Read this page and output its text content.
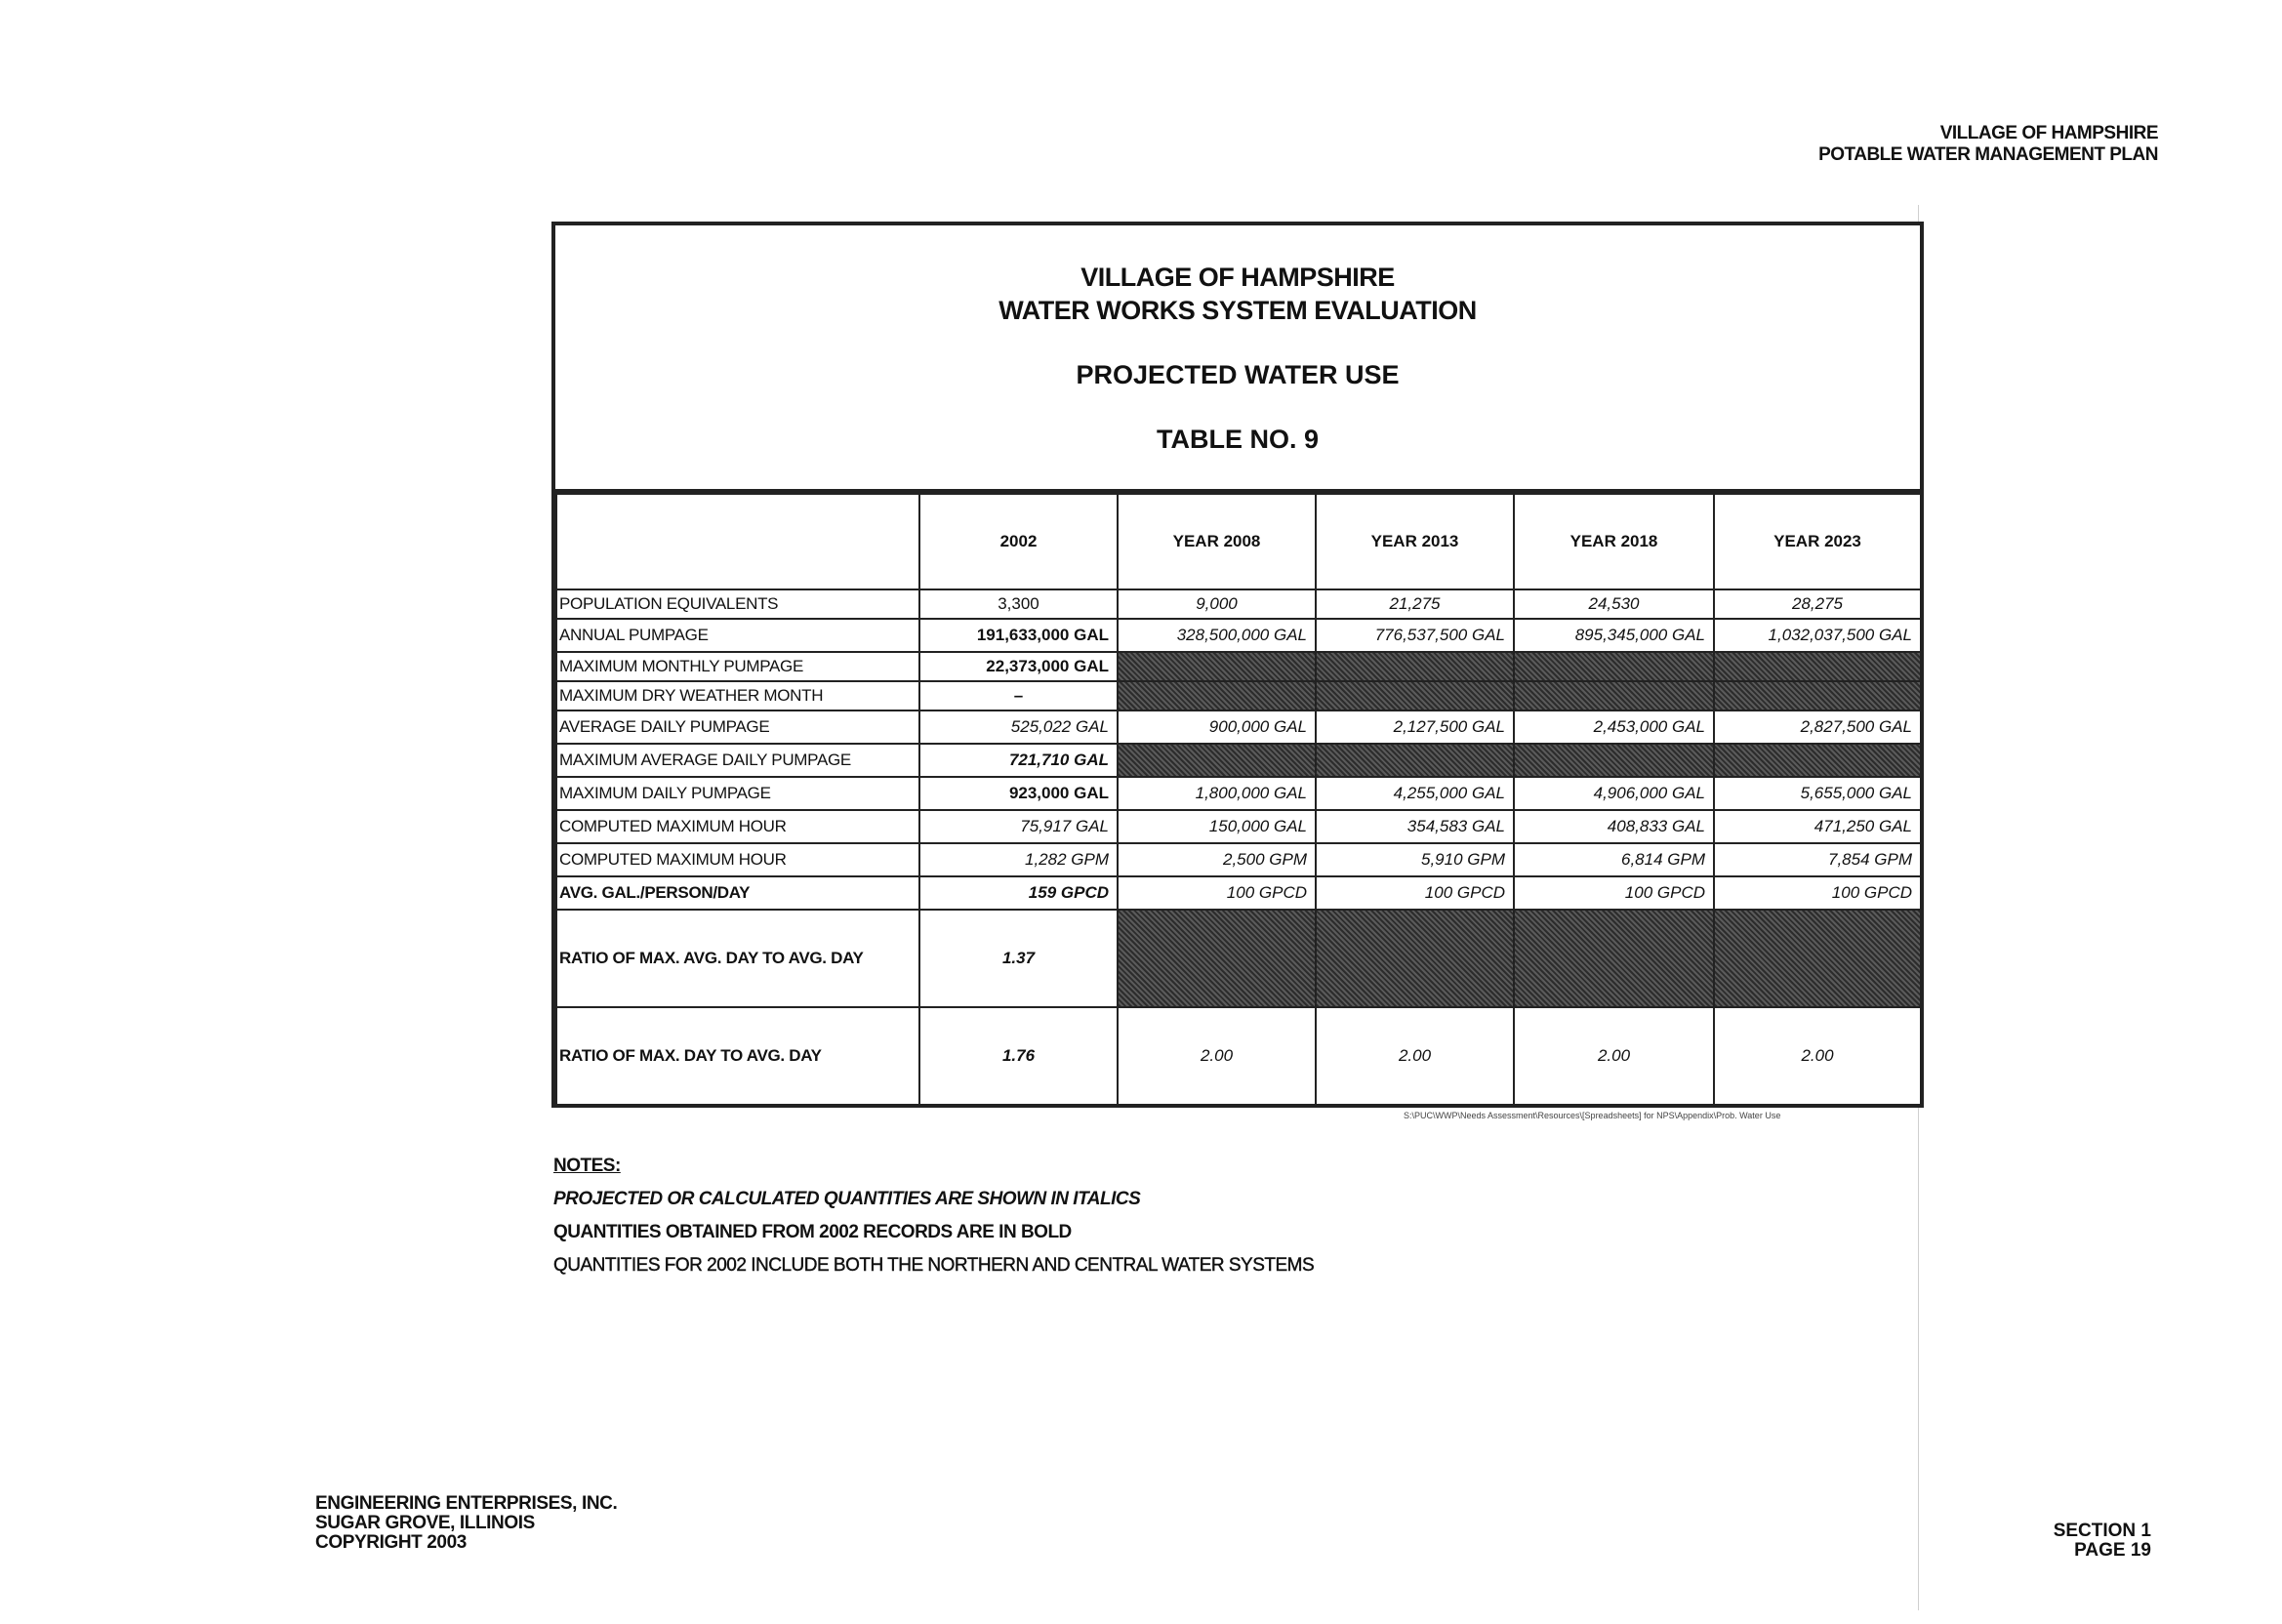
VILLAGE OF HAMPSHIRE
POTABLE WATER MANAGEMENT PLAN
VILLAGE OF HAMPSHIRE
WATER WORKS SYSTEM EVALUATION
PROJECTED WATER USE
TABLE NO. 9
	2002	YEAR 2008	YEAR 2013	YEAR 2018	YEAR 2023
POPULATION EQUIVALENTS	3,300	9,000	21,275	24,530	28,275
ANNUAL PUMPAGE	191,633,000 GAL	328,500,000 GAL	776,537,500 GAL	895,345,000 GAL	1,032,037,500 GAL
MAXIMUM MONTHLY PUMPAGE	22,373,000 GAL				
MAXIMUM DRY WEATHER MONTH	–				
AVERAGE DAILY PUMPAGE	525,022 GAL	900,000 GAL	2,127,500 GAL	2,453,000 GAL	2,827,500 GAL
MAXIMUM AVERAGE DAILY PUMPAGE	721,710 GAL				
MAXIMUM DAILY PUMPAGE	923,000 GAL	1,800,000 GAL	4,255,000 GAL	4,906,000 GAL	5,655,000 GAL
COMPUTED MAXIMUM HOUR	75,917 GAL	150,000 GAL	354,583 GAL	408,833 GAL	471,250 GAL
COMPUTED MAXIMUM HOUR	1,282 GPM	2,500 GPM	5,910 GPM	6,814 GPM	7,854 GPM
AVG. GAL./PERSON/DAY	159 GPCD	100 GPCD	100 GPCD	100 GPCD	100 GPCD
RATIO OF MAX. AVG. DAY TO AVG. DAY	1.37				
RATIO OF MAX. DAY TO AVG. DAY	1.76	2.00	2.00	2.00	2.00
S:\PUC\WWP\Needs Assessment\Resources\[Spreadsheets] for NPS\Appendix\Prob. Water Use
NOTES:
PROJECTED OR CALCULATED QUANTITIES ARE SHOWN IN ITALICS
QUANTITIES OBTAINED FROM 2002 RECORDS ARE IN BOLD
QUANTITIES FOR 2002 INCLUDE BOTH THE NORTHERN AND CENTRAL WATER SYSTEMS
ENGINEERING ENTERPRISES, INC.
SUGAR GROVE, ILLINOIS
COPYRIGHT 2003
SECTION 1
PAGE 19
